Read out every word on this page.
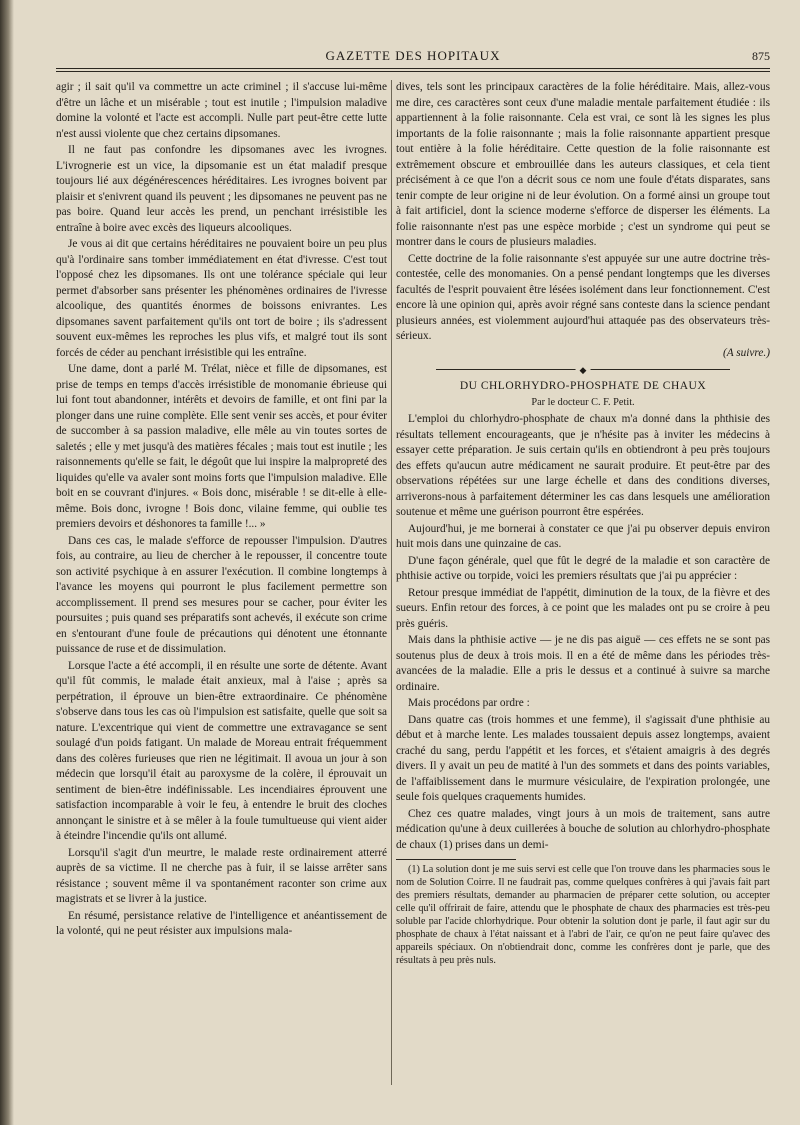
GAZETTE DES HOPITAUX	875

agir ; il sait qu'il va commettre un acte criminel ; il s'accuse lui-même d'être un lâche et un misérable ; tout est inutile ; l'impulsion maladive domine la volonté et l'acte est accompli. Nulle part peut-être cette lutte n'est aussi violente que chez certains dipsomanes.

Il ne faut pas confondre les dipsomanes avec les ivrognes. L'ivrognerie est un vice, la dipsomanie est un état maladif presque toujours lié aux dégénérescences héréditaires. Les ivrognes boivent par plaisir et s'enivrent quand ils peuvent ; les dipsomanes ne peuvent pas ne pas boire. Quand leur accès les prend, un penchant irrésistible les entraîne à boire avec excès des liqueurs alcooliques.

Je vous ai dit que certains héréditaires ne pouvaient boire un peu plus qu'à l'ordinaire sans tomber immédiatement en état d'ivresse. C'est tout l'opposé chez les dipsomanes. Ils ont une tolérance spéciale qui leur permet d'absorber sans présenter les phénomènes ordinaires de l'ivresse alcoolique, des quantités énormes de boissons enivrantes. Les dipsomanes savent parfaitement qu'ils ont tort de boire ; ils s'adressent souvent eux-mêmes les reproches les plus vifs, et malgré tout ils sont forcés de céder au penchant irrésistible qui les entraîne.

Une dame, dont a parlé M. Trélat, nièce et fille de dipsomanes, est prise de temps en temps d'accès irrésistible de monomanie ébrieuse qui lui font tout abandonner, intérêts et devoirs de famille, et ont fini par la plonger dans une ruine complète. Elle sent venir ses accès, et pour éviter de succomber à sa passion maladive, elle mêle au vin toutes sortes de saletés ; elle y met jusqu'à des matières fécales ; mais tout est inutile ; les raisonnements qu'elle se fait, le dégoût que lui inspire la malpropreté des liquides qu'elle va avaler sont moins forts que l'impulsion maladive. Elle boit en se couvrant d'injures. « Bois donc, misérable ! se dit-elle à elle-même. Bois donc, ivrogne ! Bois donc, vilaine femme, qui oublie tes premiers devoirs et déshonores ta famille !... »

Dans ces cas, le malade s'efforce de repousser l'impulsion. D'autres fois, au contraire, au lieu de chercher à le repousser, il concentre toute son activité psychique à en assurer l'exécution. Il combine longtemps à l'avance les moyens qui pourront le plus facilement permettre son accomplissement. Il prend ses mesures pour se cacher, pour éviter les poursuites ; puis quand ses préparatifs sont achevés, il exécute son crime en s'entourant d'une foule de précautions qui dénotent une étonnante puissance de ruse et de dissimulation.

Lorsque l'acte a été accompli, il en résulte une sorte de détente. Avant qu'il fût commis, le malade était anxieux, mal à l'aise ; après sa perpétration, il éprouve un bien-être extraordinaire. Ce phénomène s'observe dans tous les cas où l'impulsion est satisfaite, quelle que soit sa nature. L'excentrique qui vient de commettre une extravagance se sent soulagé d'un poids fatigant. Un malade de Moreau entrait fréquemment dans des colères furieuses que rien ne légitimait. Il avoua un jour à son médecin que lorsqu'il était au paroxysme de la colère, il éprouvait un sentiment de bien-être indéfinissable. Les incendiaires éprouvent une satisfaction incomparable à voir le feu, à entendre le bruit des cloches annonçant le sinistre et à se mêler à la foule tumultueuse qui vient aider à éteindre l'incendie qu'ils ont allumé.

Lorsqu'il s'agit d'un meurtre, le malade reste ordinairement atterré auprès de sa victime. Il ne cherche pas à fuir, il se laisse arrêter sans résistance ; souvent même il va spontanément raconter son crime aux magistrats et se livrer à la justice.

En résumé, persistance relative de l'intelligence et anéantissement de la volonté, qui ne peut résister aux impulsions mala-

dives, tels sont les principaux caractères de la folie héréditaire. Mais, allez-vous me dire, ces caractères sont ceux d'une maladie mentale parfaitement étudiée : ils appartiennent à la folie raisonnante. Cela est vrai, ce sont là les signes les plus importants de la folie raisonnante ; mais la folie raisonnante appartient presque tout entière à la folie héréditaire. Cette question de la folie raisonnante est extrêmement obscure et embrouillée dans les auteurs classiques, et cela tient précisément à ce que l'on a décrit sous ce nom une foule d'états disparates, sans tenir compte de leur origine ni de leur évolution. On a formé ainsi un groupe tout à fait artificiel, dont la science moderne s'efforce de disperser les éléments. La folie raisonnante n'est pas une espèce morbide ; c'est un syndrome qui peut se montrer dans le cours de plusieurs maladies.

Cette doctrine de la folie raisonnante s'est appuyée sur une autre doctrine très-contestée, celle des monomanies. On a pensé pendant longtemps que les diverses facultés de l'esprit pouvaient être lésées isolément dans leur fonctionnement. C'est encore là une opinion qui, après avoir régné sans conteste dans la science pendant plusieurs années, est violemment aujourd'hui attaquée pas des observateurs très-sérieux.

(A suivre.)

◆
DU CHLORHYDRO-PHOSPHATE DE CHAUX
Par le docteur C. F. Petit.

L'emploi du chlorhydro-phosphate de chaux m'a donné dans la phthisie des résultats tellement encourageants, que je n'hésite pas à inviter les médecins à essayer cette préparation. Je suis certain qu'ils en obtiendront à peu près toujours des effets qu'aucun autre médicament ne saurait produire. Et peut-être par des observations répétées sur une large échelle et dans des conditions diverses, arriverons-nous à parfaitement déterminer les cas dans lesquels une amélioration soutenue et même une guérison pourront être espérées.

Aujourd'hui, je me bornerai à constater ce que j'ai pu observer depuis environ huit mois dans une quinzaine de cas.

D'une façon générale, quel que fût le degré de la maladie et son caractère de phthisie active ou torpide, voici les premiers résultats que j'ai pu apprécier :

Retour presque immédiat de l'appétit, diminution de la toux, de la fièvre et des sueurs. Enfin retour des forces, à ce point que les malades ont pu se croire à peu près guéris.

Mais dans la phthisie active — je ne dis pas aiguë — ces effets ne se sont pas soutenus plus de deux à trois mois. Il en a été de même dans les périodes très-avancées de la maladie. Elle a pris le dessus et a continué à suivre sa marche ordinaire.

Mais procédons par ordre :

Dans quatre cas (trois hommes et une femme), il s'agissait d'une phthisie au début et à marche lente. Les malades toussaient depuis assez longtemps, avaient craché du sang, perdu l'appétit et les forces, et s'étaient amaigris à des degrés divers. Il y avait un peu de matité à l'un des sommets et dans des points variables, de l'affaiblissement dans le murmure vésiculaire, de l'expiration prolongée, une seule fois quelques craquements humides.

Chez ces quatre malades, vingt jours à un mois de traitement, sans autre médication qu'une à deux cuillerées à bouche de solution au chlorhydro-phosphate de chaux (1) prises dans un demi-

(1) La solution dont je me suis servi est celle que l'on trouve dans les pharmacies sous le nom de Solution Coirre. Il ne faudrait pas, comme quelques confrères à qui j'avais fait part des premiers résultats, demander au pharmacien de préparer cette solution, ou accepter celle qu'il offrirait de faire, attendu que le phosphate de chaux des pharmacies est très-peu soluble par l'acide chlorhydrique. Pour obtenir la solution dont je parle, il faut agir sur du phosphate de chaux à l'état naissant et à l'abri de l'air, ce qu'on ne peut faire qu'avec des appareils spéciaux. On n'obtiendrait donc, comme les confrères dont je parle, que des résultats à peu près nuls.
